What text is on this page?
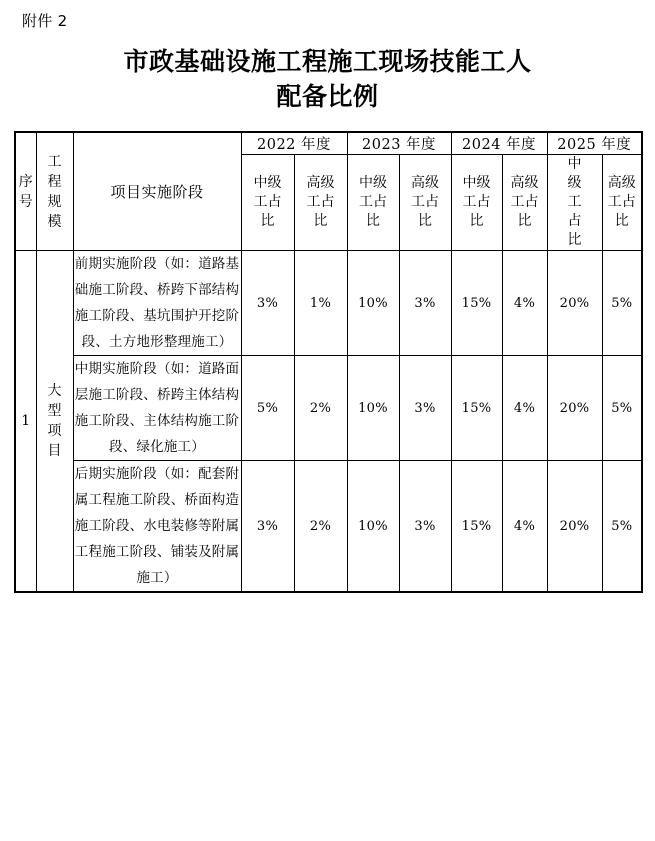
附件 2
市政基础设施工程施工现场技能工人
配备比例
序号	工程规模	项目实施阶段	2022 年度		2023 年度		2024 年度		2025 年度	

			中级工占比	高级工占比	中级工占比	高级工占比	中级工占比	高级工占比	中级工占比	高级工占比

1	大型项目	前期实施阶段（如：道路基础施工阶段、桥跨下部结构施工阶段、基坑围护开挖阶段、土方地形整理施工）	3%	1%	10%	3%	15%	4%	20%	5%
		中期实施阶段（如：道路面层施工阶段、桥跨主体结构施工阶段、主体结构施工阶段、绿化施工）	5%	2%	10%	3%	15%	4%	20%	5%
		后期实施阶段（如：配套附属工程施工阶段、桥面构造施工阶段、水电装修等附属工程施工阶段、铺装及附属施工）	3%	2%	10%	3%	15%	4%	20%	5%
